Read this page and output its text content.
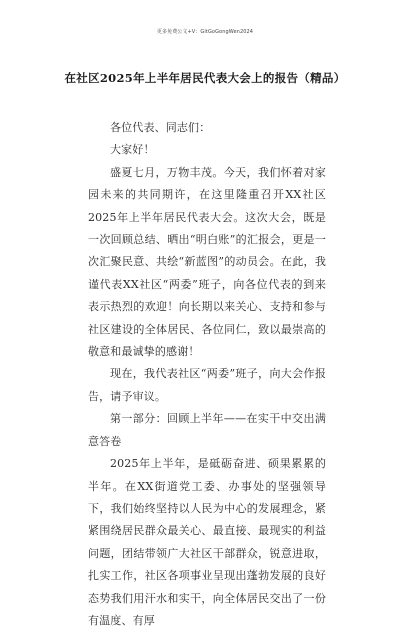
更多免费公文+V：GitGoGongWen2024
在社区2025年上半年居民代表大会上的报告（精品）

各位代表、同志们：

大家好！

盛夏七月，万物丰茂。今天，我们怀着对家园未来的共同期许，在这里隆重召开XX社区2025年上半年居民代表大会。这次大会，既是一次回顾总结、晒出“明白账”的汇报会，更是一次汇聚民意、共绘“新蓝图”的动员会。在此，我谨代表XX社区“两委”班子，向各位代表的到来表示热烈的欢迎！向长期以来关心、支持和参与社区建设的全体居民、各位同仁，致以最崇高的敬意和最诚挚的感谢！

现在，我代表社区“两委”班子，向大会作报告，请予审议。

第一部分：回顾上半年——在实干中交出满意答卷

2025年上半年，是砥砺奋进、硕果累累的半年。在XX街道党工委、办事处的坚强领导下，我们始终坚持以人民为中心的发展理念，紧紧围绕居民群众最关心、最直接、最现实的利益问题，团结带领广大社区干部群众，锐意进取，扎实工作，社区各项事业呈现出蓬勃发展的良好态势我们用汗水和实干，向全体居民交出了一份有温度、有厚
